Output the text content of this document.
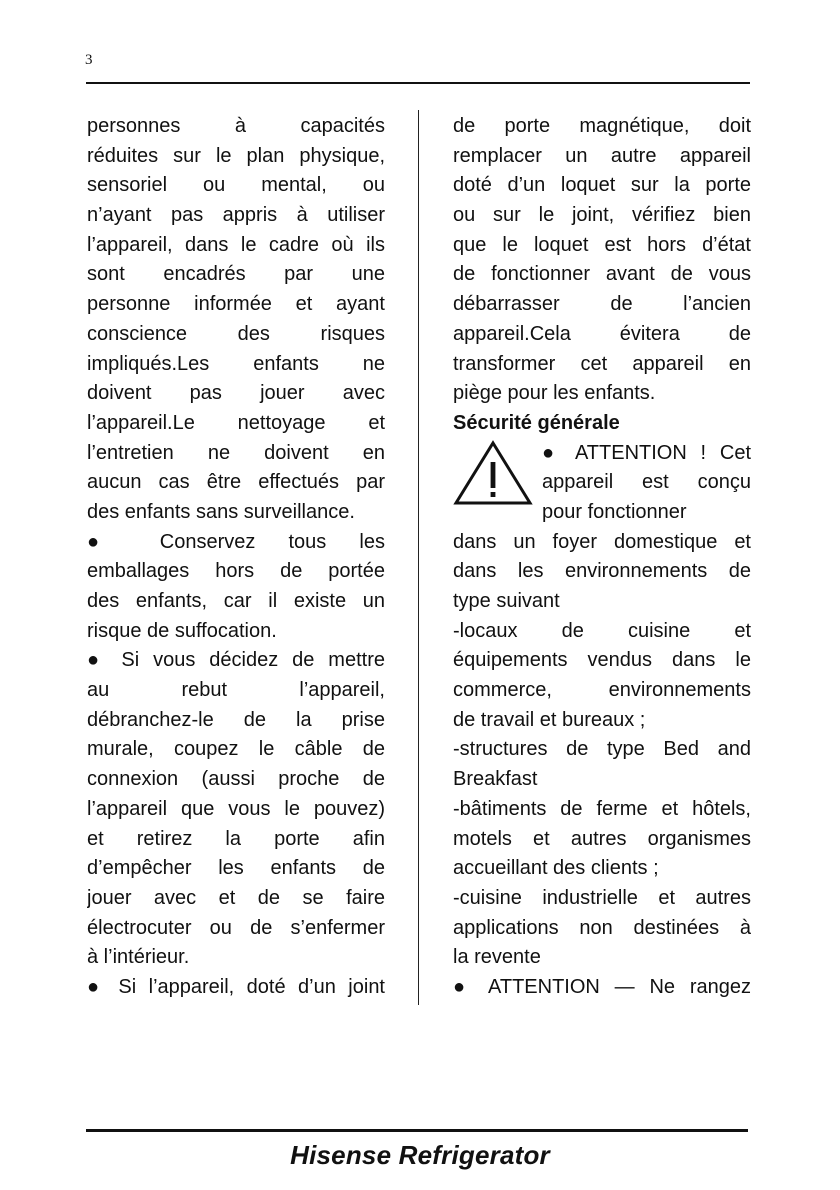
3
personnes à capacités
réduites sur le plan physique,
sensoriel ou mental, ou
n’ayant pas appris à utiliser
l’appareil, dans le cadre où ils
sont encadrés par une
personne informée et ayant
conscience des risques
impliqués.Les enfants ne
doivent pas jouer avec
l’appareil.Le nettoyage et
l’entretien ne doivent en
aucun cas être effectués par
des enfants sans surveillance.
● Conservez tous les
emballages hors de portée
des enfants, car il existe un
risque de suffocation.
● Si vous décidez de mettre
au rebut l’appareil,
débranchez-le de la prise
murale, coupez le câble de
connexion (aussi proche de
l’appareil que vous le pouvez)
et retirez la porte afin
d’empêcher les enfants de
jouer avec et de se faire
électrocuter ou de s’enfermer
à l’intérieur.
● Si l’appareil, doté d’un joint
de porte magnétique, doit
remplacer un autre appareil
doté d’un loquet sur la porte
ou sur le joint, vérifiez bien
que le loquet est hors d’état
de fonctionner avant de vous
débarrasser de l’ancien
appareil.Cela évitera de
transformer cet appareil en
piège pour les enfants.
Sécurité générale
● ATTENTION ! Cet
appareil est conçu
pour fonctionner
dans un foyer domestique et
dans les environnements de
type suivant
-locaux de cuisine et
équipements vendus dans le
commerce, environnements
de travail et bureaux ;
-structures de type Bed and
Breakfast
-bâtiments de ferme et hôtels,
motels et autres organismes
accueillant des clients ;
-cuisine industrielle et autres
applications non destinées à
la revente
● ATTENTION — Ne rangez
Hisense Refrigerator
